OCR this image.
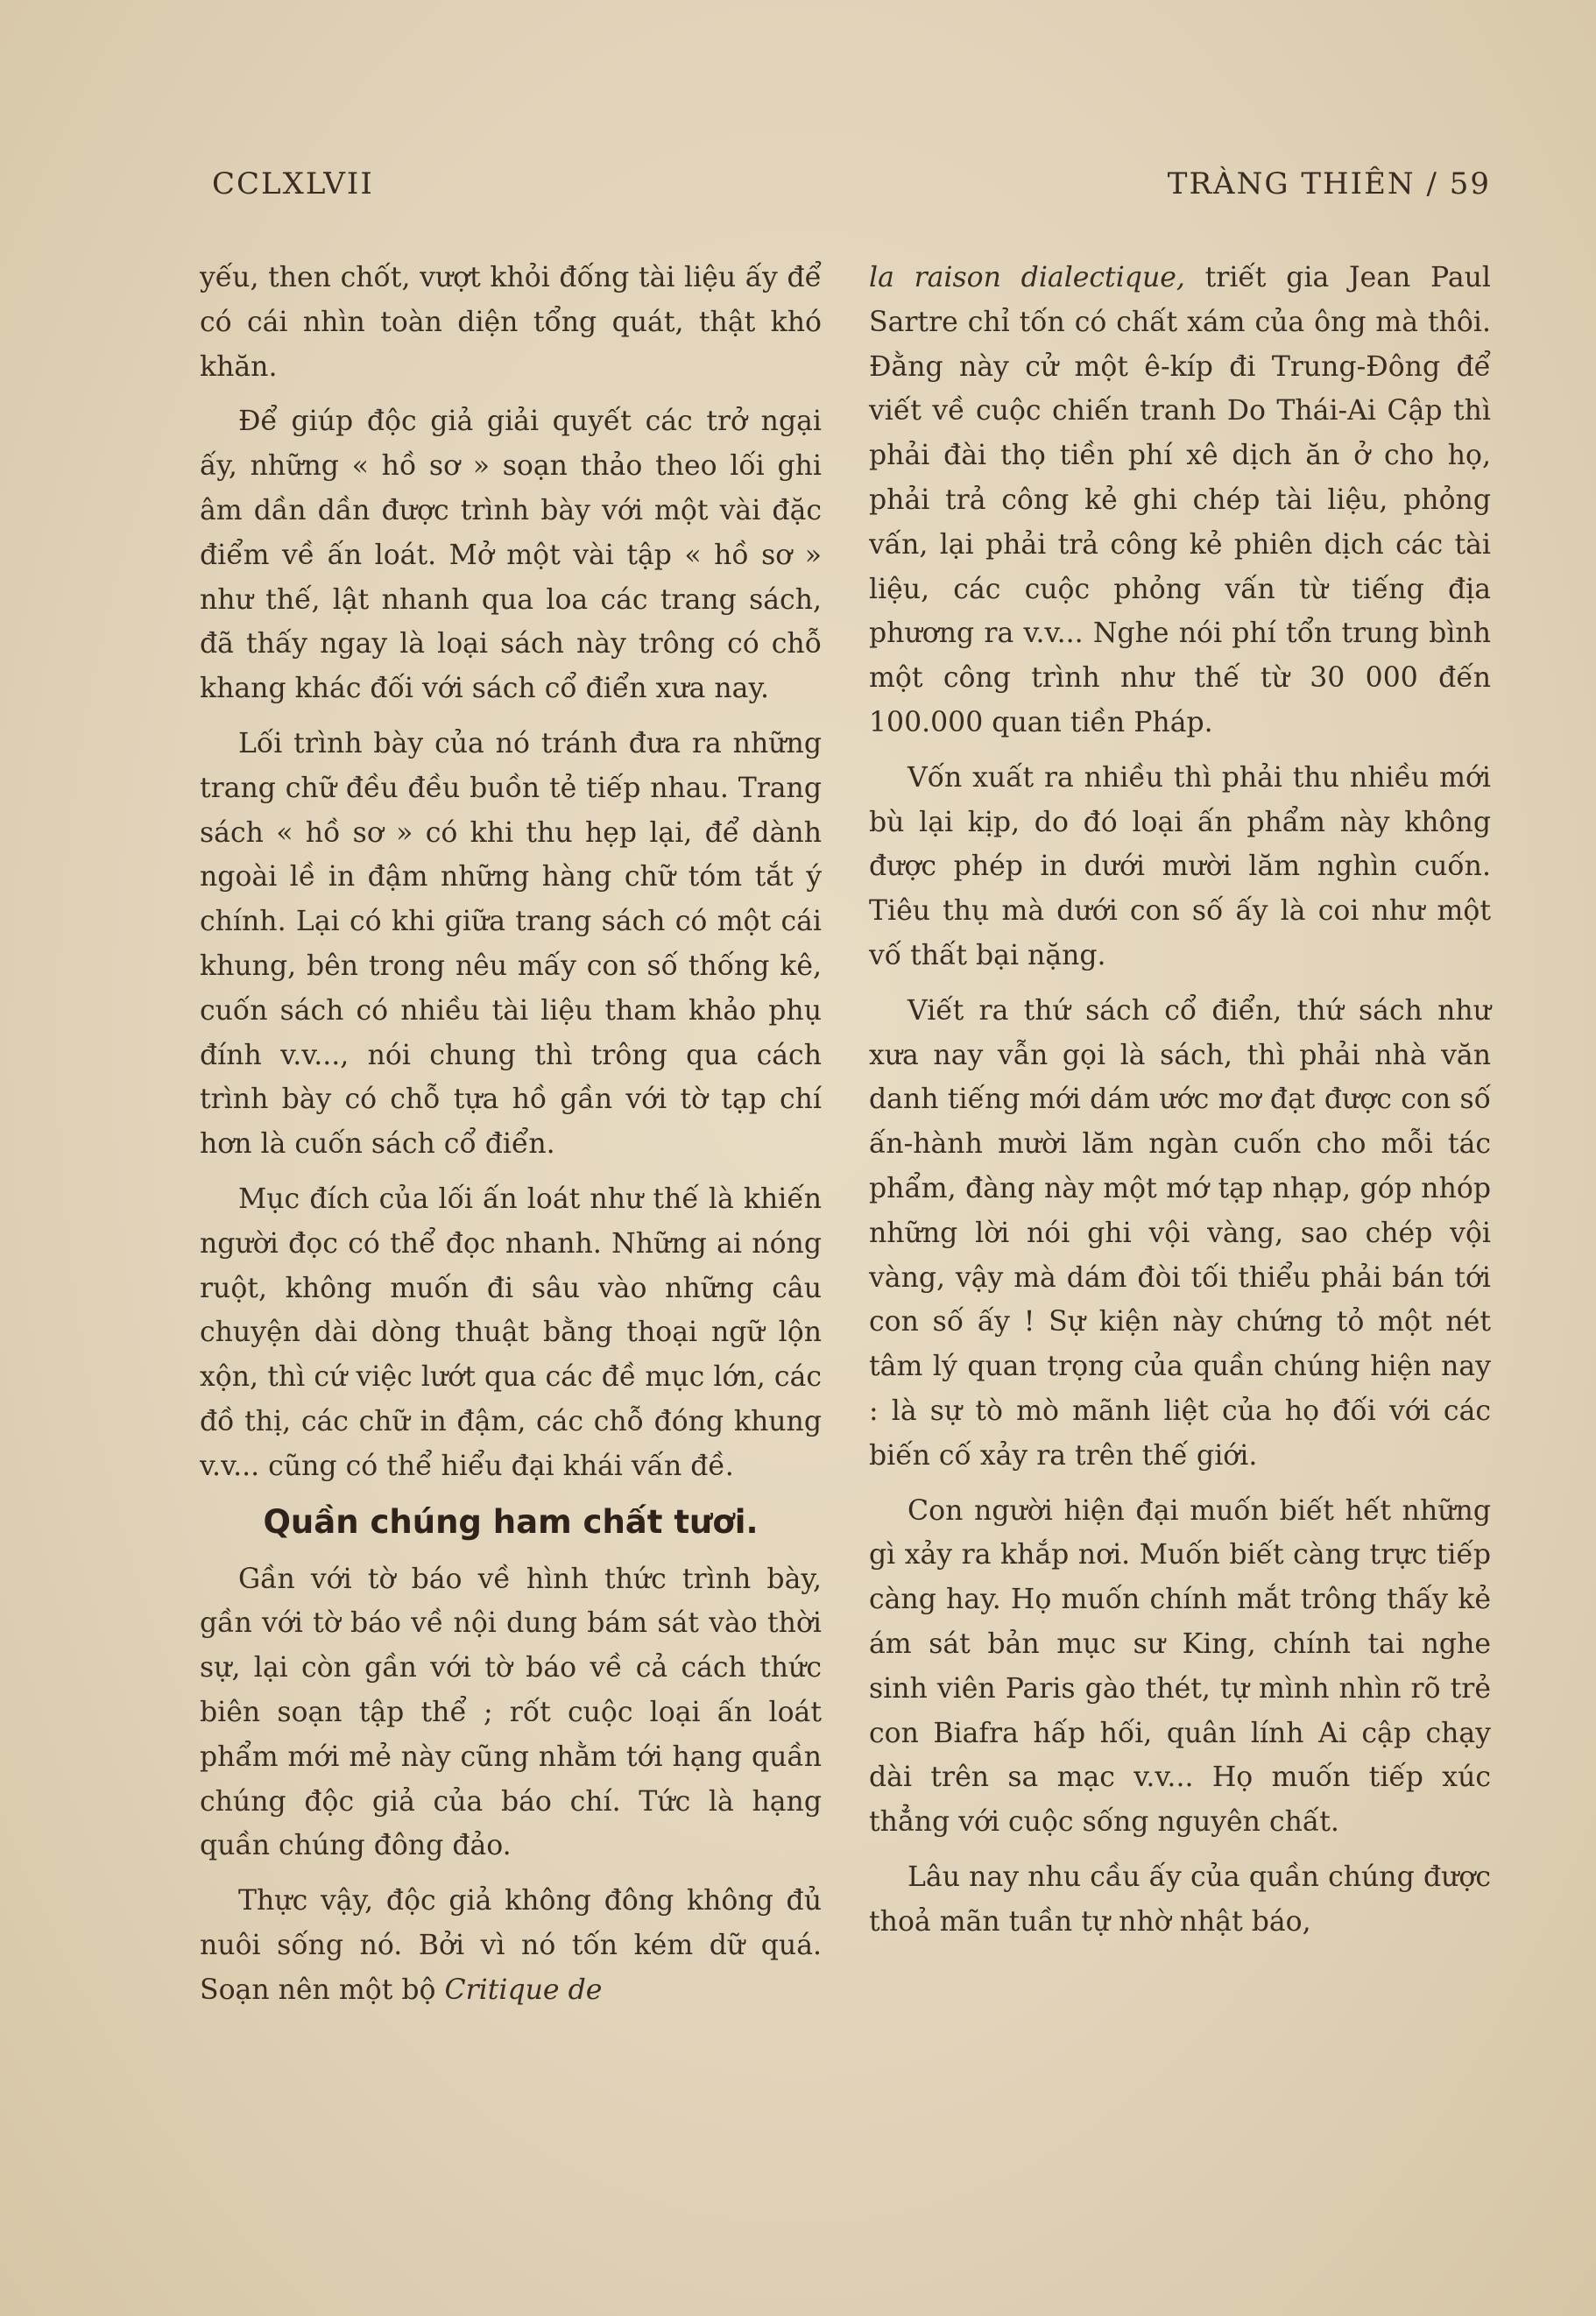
CCLXLVII	TRÀNG THIÊN / 59

yếu, then chốt, vượt khỏi đống tài liệu ấy để có cái nhìn toàn diện tổng quát, thật khó khăn.

Để giúp độc giả giải quyết các trở ngại ấy, những « hồ sơ » soạn thảo theo lối ghi âm dần dần được trình bày với một vài đặc điểm về ấn loát. Mở một vài tập « hồ sơ » như thế, lật nhanh qua loa các trang sách, đã thấy ngay là loại sách này trông có chỗ khang khác đối với sách cổ điển xưa nay.

Lối trình bày của nó tránh đưa ra những trang chữ đều đều buồn tẻ tiếp nhau. Trang sách « hồ sơ » có khi thu hẹp lại, để dành ngoài lề in đậm những hàng chữ tóm tắt ý chính. Lại có khi giữa trang sách có một cái khung, bên trong nêu mấy con số thống kê, cuốn sách có nhiều tài liệu tham khảo phụ đính v.v..., nói chung thì trông qua cách trình bày có chỗ tựa hồ gần với tờ tạp chí hơn là cuốn sách cổ điển.

Mục đích của lối ấn loát như thế là khiến người đọc có thể đọc nhanh. Những ai nóng ruột, không muốn đi sâu vào những câu chuyện dài dòng thuật bằng thoại ngữ lộn xộn, thì cứ việc lướt qua các đề mục lớn, các đồ thị, các chữ in đậm, các chỗ đóng khung v.v... cũng có thể hiểu đại khái vấn đề.

Quần chúng ham chất tươi.

Gần với tờ báo về hình thức trình bày, gần với tờ báo về nội dung bám sát vào thời sự, lại còn gần với tờ báo về cả cách thức biên soạn tập thể ; rốt cuộc loại ấn loát phẩm mới mẻ này cũng nhằm tới hạng quần chúng độc giả của báo chí. Tức là hạng quần chúng đông đảo.

Thực vậy, độc giả không đông không đủ nuôi sống nó. Bởi vì nó tốn kém dữ quá. Soạn nên một bộ Critique de

la raison dialectique, triết gia Jean Paul Sartre chỉ tốn có chất xám của ông mà thôi. Đằng này cử một ê-kíp đi Trung-Đông để viết về cuộc chiến tranh Do Thái-Ai Cập thì phải đài thọ tiền phí xê dịch ăn ở cho họ, phải trả công kẻ ghi chép tài liệu, phỏng vấn, lại phải trả công kẻ phiên dịch các tài liệu, các cuộc phỏng vấn từ tiếng địa phương ra v.v... Nghe nói phí tổn trung bình một công trình như thế từ 30 000 đến 100.000 quan tiền Pháp.

Vốn xuất ra nhiều thì phải thu nhiều mới bù lại kịp, do đó loại ấn phẩm này không được phép in dưới mười lăm nghìn cuốn. Tiêu thụ mà dưới con số ấy là coi như một vố thất bại nặng.

Viết ra thứ sách cổ điển, thứ sách như xưa nay vẫn gọi là sách, thì phải nhà văn danh tiếng mới dám ước mơ đạt được con số ấn-hành mười lăm ngàn cuốn cho mỗi tác phẩm, đàng này một mớ tạp nhạp, góp nhóp những lời nói ghi vội vàng, sao chép vội vàng, vậy mà dám đòi tối thiểu phải bán tới con số ấy ! Sự kiện này chứng tỏ một nét tâm lý quan trọng của quần chúng hiện nay : là sự tò mò mãnh liệt của họ đối với các biến cố xảy ra trên thế giới.

Con người hiện đại muốn biết hết những gì xảy ra khắp nơi. Muốn biết càng trực tiếp càng hay. Họ muốn chính mắt trông thấy kẻ ám sát bản mục sư King, chính tai nghe sinh viên Paris gào thét, tự mình nhìn rõ trẻ con Biafra hấp hối, quân lính Ai cập chạy dài trên sa mạc v.v... Họ muốn tiếp xúc thẳng với cuộc sống nguyên chất.

Lâu nay nhu cầu ấy của quần chúng được thoả mãn tuần tự nhờ nhật báo,
